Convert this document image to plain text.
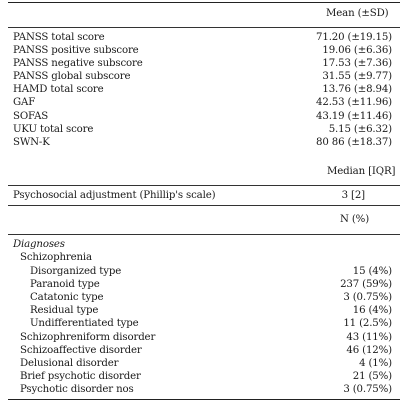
Mean (±SD)
PANSS total score	71.20 (±19.15)
PANSS positive subscore	19.06 (±6.36)
PANSS negative subscore	17.53 (±7.36)
PANSS global subscore	31.55 (±9.77)
HAMD total score	13.76 (±8.94)
GAF	42.53 (±11.96)
SOFAS	43.19 (±11.46)
UKU total score	5.15 (±6.32)
SWN-K	80 86 (±18.37)
Median [IQR]
Psychosocial adjustment (Phillip's scale)	3 [2]
N (%)
Diagnoses
Schizophrenia
Disorganized type	15 (4%)
Paranoid type	237 (59%)
Catatonic type	3 (0.75%)
Residual type	16 (4%)
Undifferentiated type	11 (2.5%)
Schizophreniform disorder	43 (11%)
Schizoaffective disorder	46 (12%)
Delusional disorder	4 (1%)
Brief psychotic disorder	21 (5%)
Psychotic disorder nos	3 (0.75%)
